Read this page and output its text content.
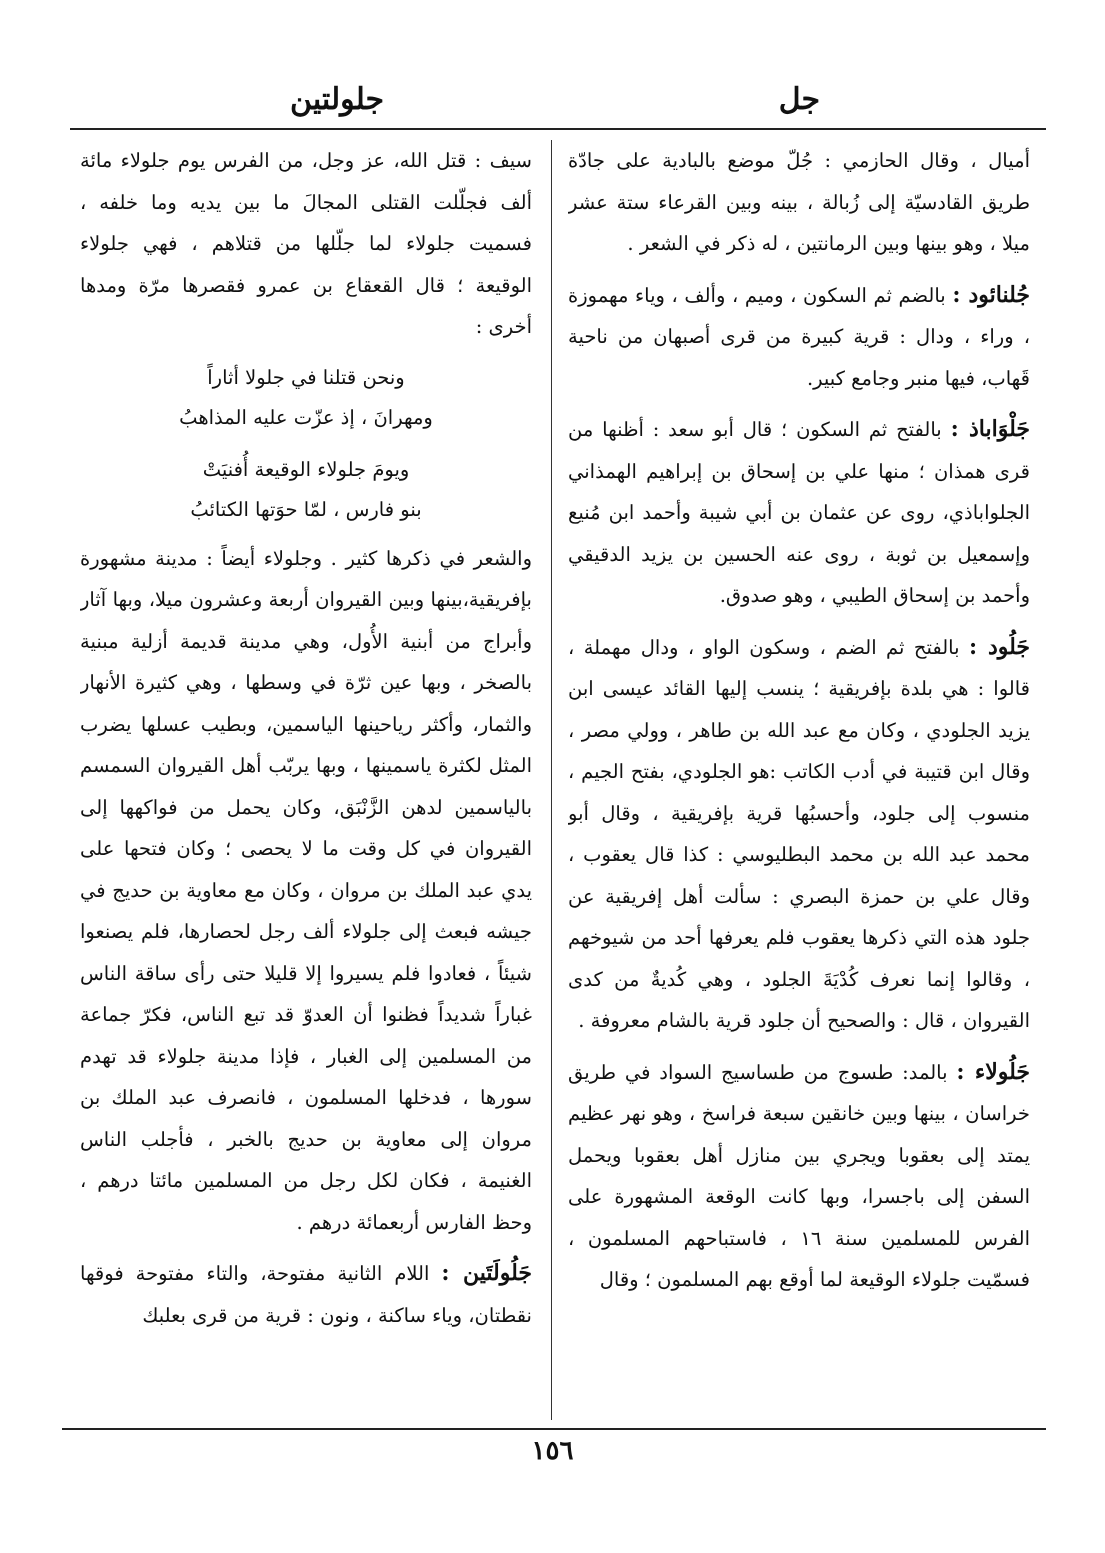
جل
جلولتين

أميال ، وقال الحازمي : جُلّ موضع بالبادية على جادّة طريق القادسيّة إلى زُبالة ، بينه وبين القرعاء ستة عشر ميلا ، وهو بينها وبين الرمانتين ، له ذكر في الشعر .

جُلنائود : بالضم ثم السكون ، وميم ، وألف ، وياء مهموزة ، وراء ، ودال : قرية كبيرة من قرى أصبهان من ناحية قَهاب، فيها منبر وجامع كبير.

جَلْوَاباذ : بالفتح ثم السكون ؛ قال أبو سعد : أظنها من قرى همذان ؛ منها علي بن إسحاق بن إبراهيم الهمذاني الجلواباذي، روى عن عثمان بن أبي شيبة وأحمد ابن مُنيع وإسمعيل بن ثوبة ، روى عنه الحسين بن يزيد الدقيقي وأحمد بن إسحاق الطيبي ، وهو صدوق.

جَلُود : بالفتح ثم الضم ، وسكون الواو ، ودال مهملة ، قالوا : هي بلدة بإفريقية ؛ ينسب إليها القائد عيسى ابن يزيد الجلودي ، وكان مع عبد الله بن طاهر ، وولي مصر ، وقال ابن قتيبة في أدب الكاتب :هو الجلودي، بفتح الجيم ، منسوب إلى جلود، وأحسبُها قرية بإفريقية ، وقال أبو محمد عبد الله بن محمد البطليوسي : كذا قال يعقوب ، وقال علي بن حمزة البصري : سألت أهل إفريقية عن جلود هذه التي ذكرها يعقوب فلم يعرفها أحد من شيوخهم ، وقالوا إنما نعرف كُدْيَةَ الجلود ، وهي كُديةٌ من كدى القيروان ، قال : والصحيح أن جلود قرية بالشام معروفة .

جَلُولاء : بالمد: طسوج من طساسيج السواد في طريق خراسان ، بينها وبين خانقين سبعة فراسخ ، وهو نهر عظيم يمتد إلى بعقوبا ويجري بين منازل أهل بعقوبا ويحمل السفن إلى باجسرا، وبها كانت الوقعة المشهورة على الفرس للمسلمين سنة ١٦ ، فاستباحهم المسلمون ، فسمّيت جلولاء الوقيعة لما أوقع بهم المسلمون ؛ وقال

سيف : قتل الله، عز وجل، من الفرس يوم جلولاء مائة ألف فجلّلت القتلى المجالَ ما بين يديه وما خلفه ، فسميت جلولاء لما جلّلها من قتلاهم ، فهي جلولاء الوقيعة ؛ قال القعقاع بن عمرو فقصرها مرّة ومدها أخرى :

ونحن قتلنا في جلولا أثاراً
ومهرانَ ، إذ عزّت عليه المذاهبُ
ويومَ جلولاء الوقيعة أُفنيَتْ
بنو فارس ، لمّا حوَتها الكتائبُ

والشعر في ذكرها كثير . وجلولاء أيضاً : مدينة مشهورة بإفريقية،بينها وبين القيروان أربعة وعشرون ميلا، وبها آثار وأبراج من أبنية الأُول، وهي مدينة قديمة أزلية مبنية بالصخر ، وبها عين ثرّة في وسطها ، وهي كثيرة الأنهار والثمار، وأكثر رياحينها الياسمين، وبطيب عسلها يضرب المثل لكثرة ياسمينها ، وبها يربّب أهل القيروان السمسم بالياسمين لدهن الزَّنْبَق، وكان يحمل من فواكهها إلى القيروان في كل وقت ما لا يحصى ؛ وكان فتحها على يدي عبد الملك بن مروان ، وكان مع معاوية بن حديج في جيشه فبعث إلى جلولاء ألف رجل لحصارها، فلم يصنعوا شيئاً ، فعادوا فلم يسيروا إلا قليلا حتى رأى ساقة الناس غباراً شديداً فظنوا أن العدوّ قد تبع الناس، فكرّ جماعة من المسلمين إلى الغبار ، فإذا مدينة جلولاء قد تهدم سورها ، فدخلها المسلمون ، فانصرف عبد الملك بن مروان إلى معاوية بن حديج بالخبر ، فأجلب الناس الغنيمة ، فكان لكل رجل من المسلمين مائتا درهم ، وحظ الفارس أربعمائة درهم .

جَلُولَتَين : اللام الثانية مفتوحة، والتاء مفتوحة فوقها نقطتان، وياء ساكنة ، ونون : قرية من قرى بعلبك

١٥٦
